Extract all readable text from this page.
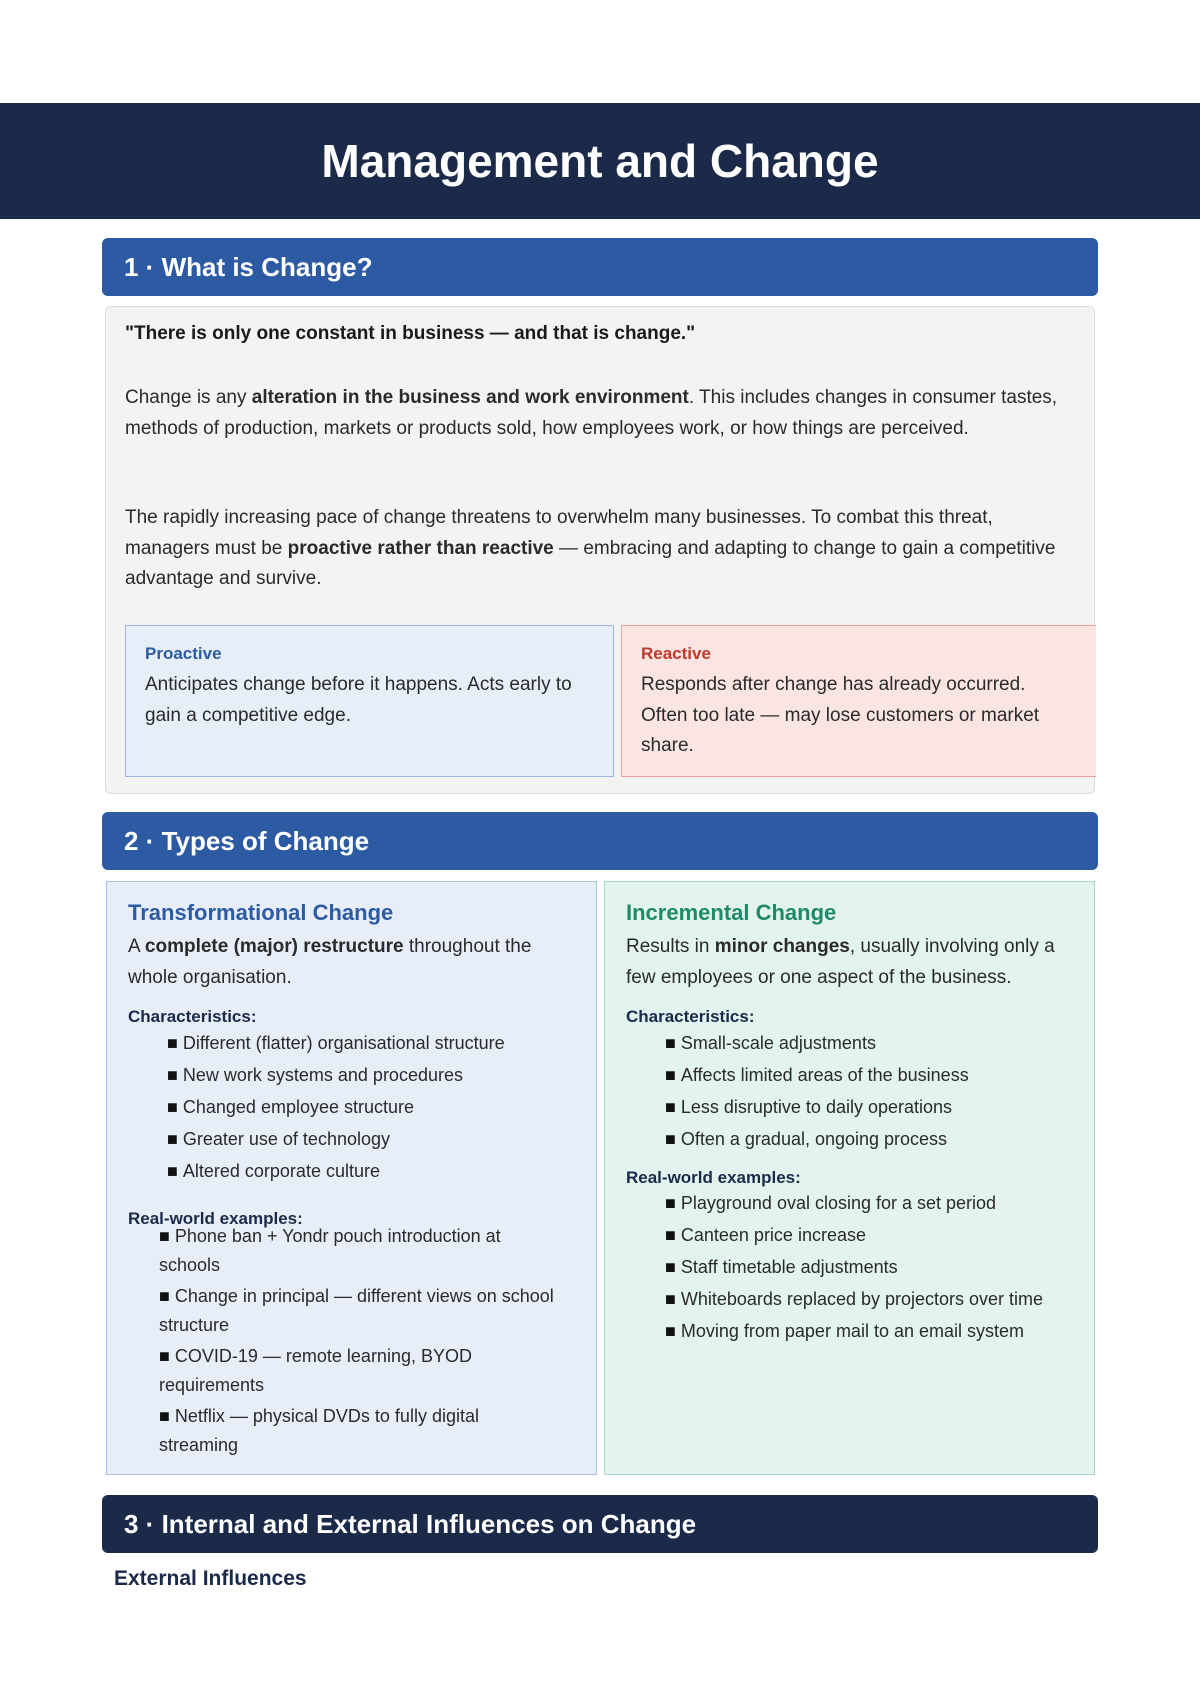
Management and Change
1 · What is Change?
"There is only one constant in business — and that is change."
Change is any alteration in the business and work environment. This includes changes in consumer tastes, methods of production, markets or products sold, how employees work, or how things are perceived.
The rapidly increasing pace of change threatens to overwhelm many businesses. To combat this threat, managers must be proactive rather than reactive — embracing and adapting to change to gain a competitive advantage and survive.
Proactive
Anticipates change before it happens. Acts early to gain a competitive edge.
Reactive
Responds after change has already occurred. Often too late — may lose customers or market share.
2 · Types of Change
Transformational Change
A complete (major) restructure throughout the whole organisation.
Characteristics:
■ Different (flatter) organisational structure
■ New work systems and procedures
■ Changed employee structure
■ Greater use of technology
■ Altered corporate culture
Real-world examples:
■ Phone ban + Yondr pouch introduction at schools
■ Change in principal — different views on school structure
■ COVID-19 — remote learning, BYOD requirements
■ Netflix — physical DVDs to fully digital streaming
Incremental Change
Results in minor changes, usually involving only a few employees or one aspect of the business.
Characteristics:
■ Small-scale adjustments
■ Affects limited areas of the business
■ Less disruptive to daily operations
■ Often a gradual, ongoing process
Real-world examples:
■ Playground oval closing for a set period
■ Canteen price increase
■ Staff timetable adjustments
■ Whiteboards replaced by projectors over time
■ Moving from paper mail to an email system
3 · Internal and External Influences on Change
External Influences
